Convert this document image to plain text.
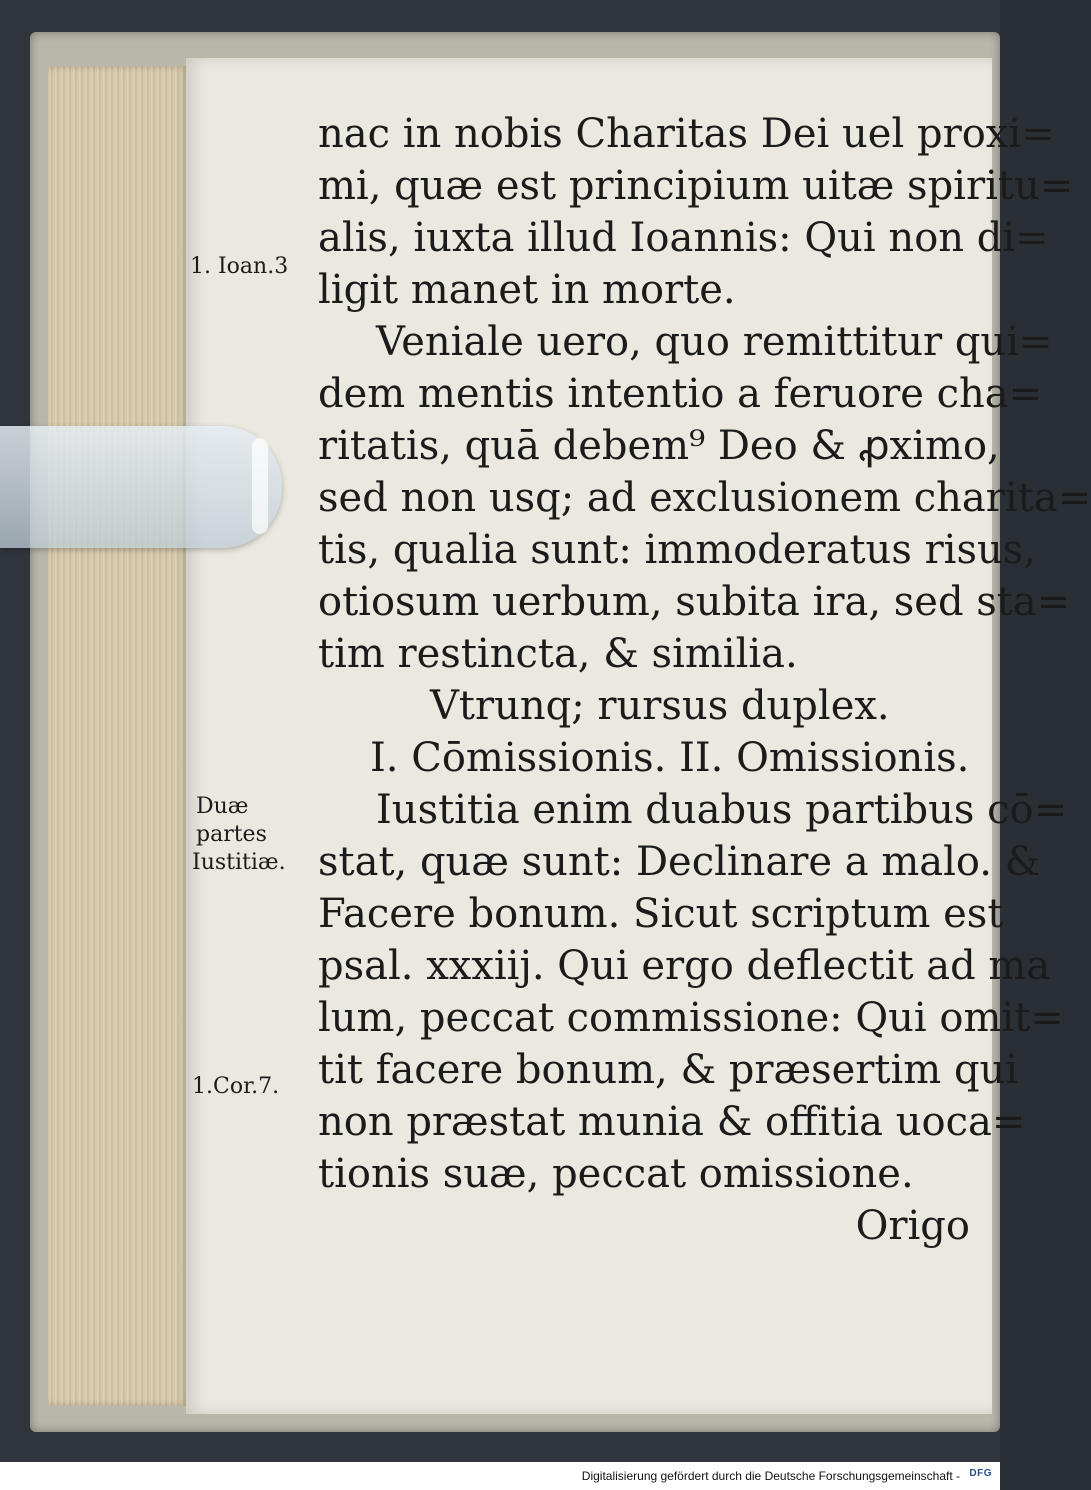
nac in nobis Charitas Dei uel proxi=
mi, quæ est principium uitæ spiritu=
alis, iuxta illud Ioannis: Qui non di=
ligit manet in morte.
Veniale uero, quo remittitur qui=
dem mentis intentio a feruore cha=
ritatis, quā debem⁹ Deo & ꝓximo,
sed non usq; ad exclusionem charita=
tis, qualia sunt: immoderatus risus,
otiosum uerbum, subita ira, sed sta=
tim restincta, & similia.
Vtrunq; rursus duplex.
I. Cōmissionis. II. Omissionis.
Iustitia enim duabus partibus cō=
stat, quæ sunt: Declinare a malo. &
Facere bonum. Sicut scriptum est
psal. xxxiij. Qui ergo deflectit ad ma
lum, peccat commissione: Qui omit=
tit facere bonum, & præsertim qui
non præstat munia & offitia uoca=
tionis suæ, peccat omissione.
Origo
1. Ioan.3
Duæ
partes
Iustitiæ.
1.Cor.7.
Digitalisierung gefördert durch die Deutsche Forschungsgemeinschaft - DFG
